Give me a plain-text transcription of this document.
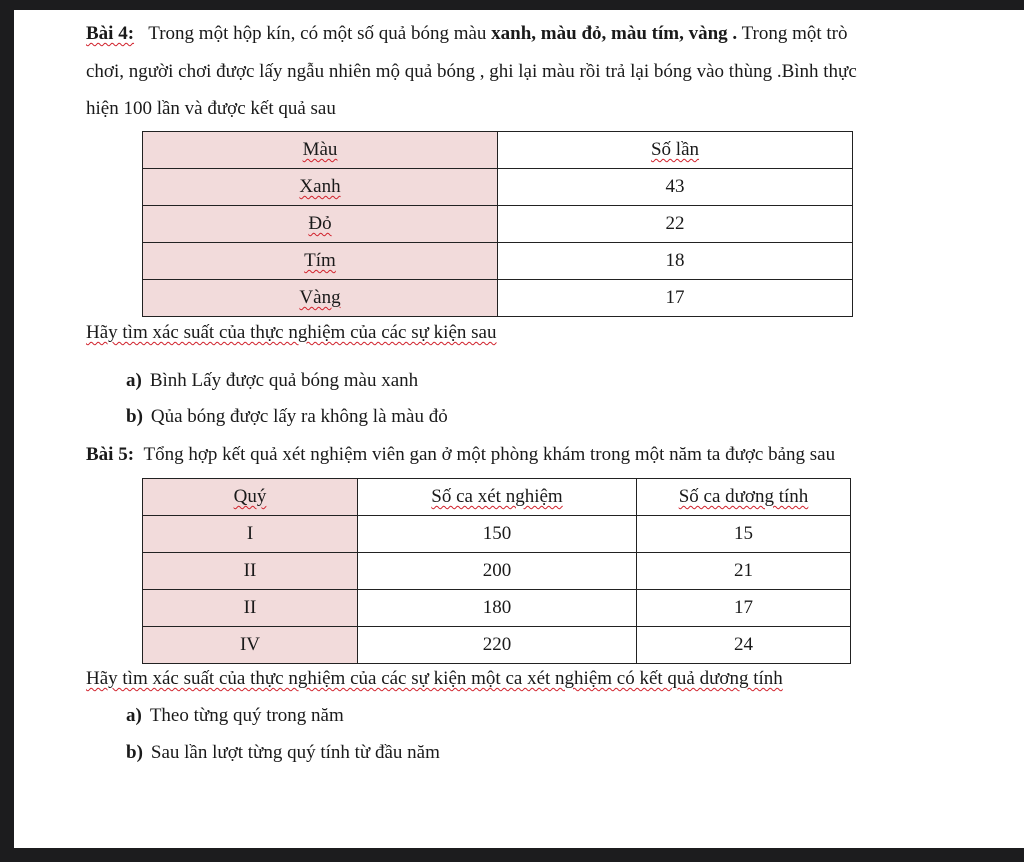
Bài 4: Trong một hộp kín, có một số quả bóng màu xanh, màu đỏ, màu tím, vàng . Trong một trò
chơi, người chơi được lấy ngẫu nhiên mộ quả bóng , ghi lại màu rồi trả lại bóng vào thùng .Bình thực
hiện 100 lần và được kết quả sau
Màu	Số lần
Xanh	43
Đỏ	22
Tím	18
Vàng	17
Hãy tìm xác suất của thực nghiệm của các sự kiện sau
a) Bình Lấy được quả bóng màu xanh
b) Qủa bóng được lấy ra không là màu đỏ
Bài 5: Tổng hợp kết quả xét nghiệm viên gan ở một phòng khám trong một năm ta được bảng sau
Quý	Số ca xét nghiệm	Số ca dương tính
I	150	15
II	200	21
II	180	17
IV	220	24
Hãy tìm xác suất của thực nghiệm của các sự kiện một ca xét nghiệm có kết quả dương tính
a) Theo từng quý trong năm
b) Sau lần lượt từng quý tính từ đầu năm
